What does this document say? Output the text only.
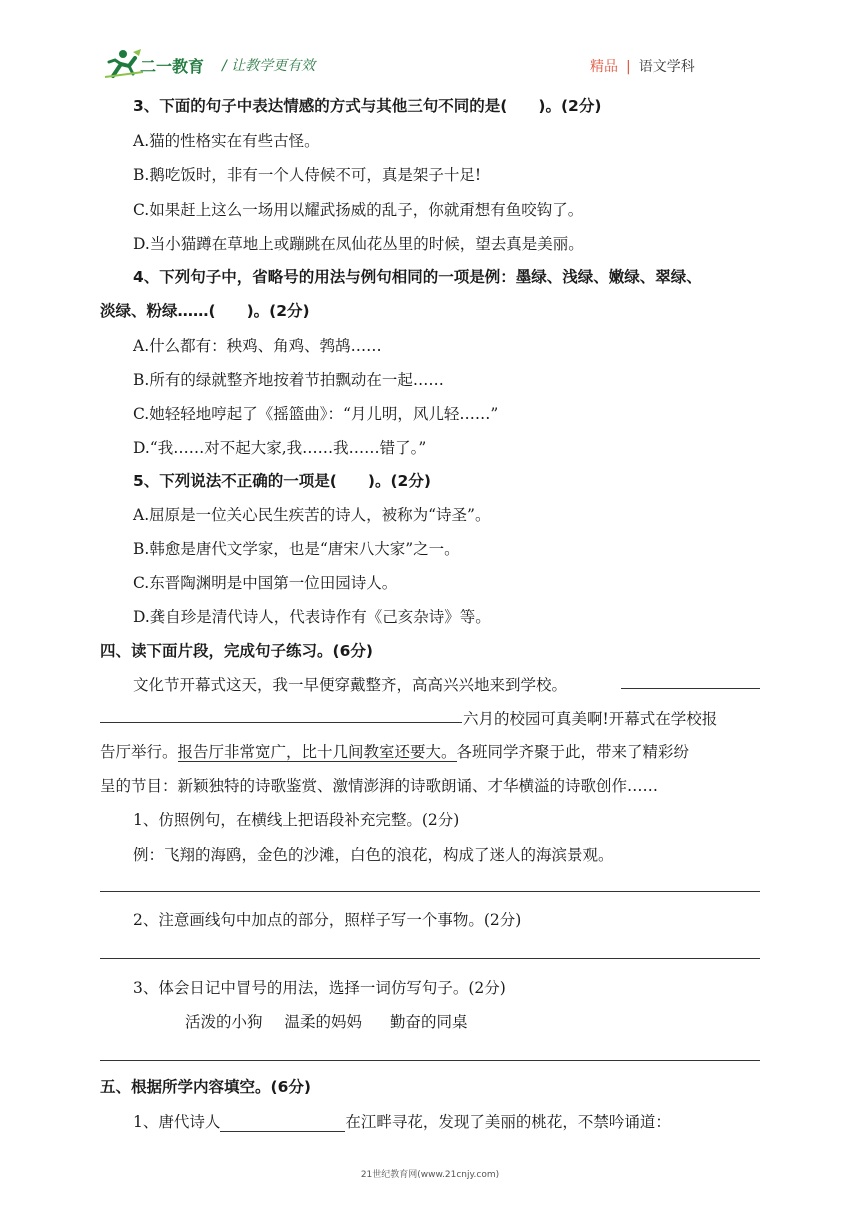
二一教育 / 让教学更有效	精品 | 语文学科
3、下面的句子中表达情感的方式与其他三句不同的是(　　)。(2分)
A.猫的性格实在有些古怪。
B.鹅吃饭时，非有一个人侍候不可，真是架子十足!
C.如果赶上这么一场用以耀武扬威的乱子，你就甭想有鱼咬钩了。
D.当小猫蹲在草地上或蹦跳在凤仙花丛里的时候，望去真是美丽。
4、下列句子中，省略号的用法与例句相同的一项是例：墨绿、浅绿、嫩绿、翠绿、
淡绿、粉绿……(　　)。(2分)
A.什么都有：秧鸡、角鸡、鹁鸪……
B.所有的绿就整齐地按着节拍飘动在一起……
C.她轻轻地哼起了《摇篮曲》：“月儿明，风儿轻……”
D.“我……对不起大家,我……我……错了。”
5、下列说法不正确的一项是(　　)。(2分)
A.屈原是一位关心民生疾苦的诗人，被称为“诗圣”。
B.韩愈是唐代文学家，也是“唐宋八大家”之一。
C.东晋陶渊明是中国第一位田园诗人。
D.龚自珍是清代诗人，代表诗作有《己亥杂诗》等。
四、读下面片段，完成句子练习。(6分)
文化节开幕式这天，我一早便穿戴整齐，高高兴兴地来到学校。
六月的校园可真美啊!开幕式在学校报
告厅举行。报告厅非常宽广，比十几间教室还要大。各班同学齐聚于此，带来了精彩纷
呈的节目：新颖独特的诗歌鉴赏、激情澎湃的诗歌朗诵、才华横溢的诗歌创作……
1、仿照例句，在横线上把语段补充完整。(2分)
例：飞翔的海鸥，金色的沙滩，白色的浪花，构成了迷人的海滨景观。
2、注意画线句中加点的部分，照样子写一个事物。(2分)
3、体会日记中冒号的用法，选择一词仿写句子。(2分)
活泼的小狗 温柔的妈妈 勤奋的同桌
五、根据所学内容填空。(6分)
1、唐代诗人	在江畔寻花，发现了美丽的桃花，不禁吟诵道：
21世纪教育网(www.21cnjy.com)
